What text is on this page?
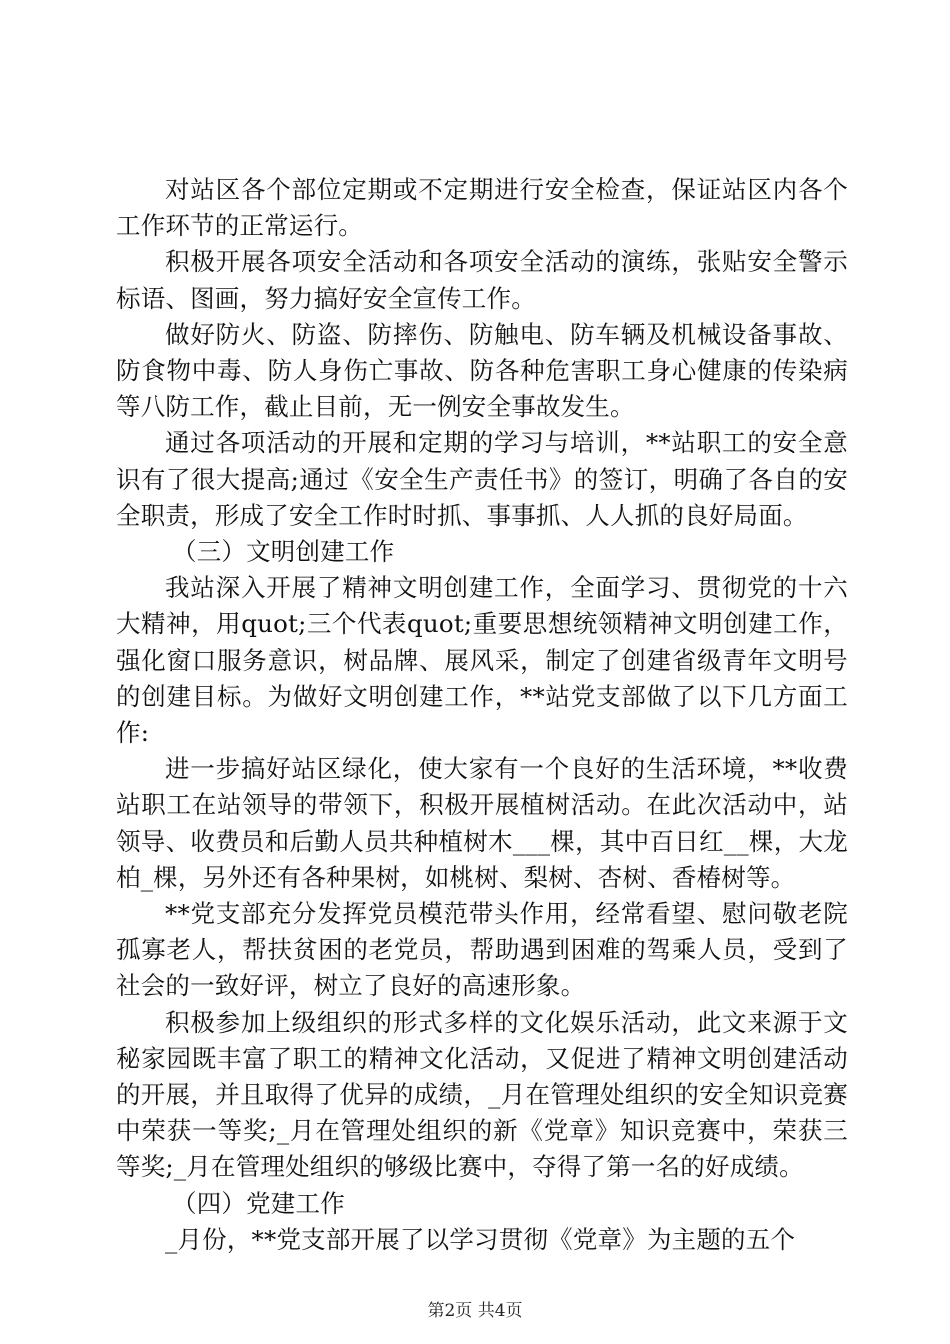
对站区各个部位定期或不定期进行安全检查，保证站区内各个工作环节的正常运行。

积极开展各项安全活动和各项安全活动的演练，张贴安全警示标语、图画，努力搞好安全宣传工作。

做好防火、防盗、防摔伤、防触电、防车辆及机械设备事故、防食物中毒、防人身伤亡事故、防各种危害职工身心健康的传染病等八防工作，截止目前，无一例安全事故发生。

通过各项活动的开展和定期的学习与培训，**站职工的安全意识有了很大提高;通过《安全生产责任书》的签订，明确了各自的安全职责，形成了安全工作时时抓、事事抓、人人抓的良好局面。

（三）文明创建工作

我站深入开展了精神文明创建工作，全面学习、贯彻党的十六大精神，用quot;三个代表quot;重要思想统领精神文明创建工作，强化窗口服务意识，树品牌、展风采，制定了创建省级青年文明号的创建目标。为做好文明创建工作，**站党支部做了以下几方面工作:

进一步搞好站区绿化，使大家有一个良好的生活环境，**收费站职工在站领导的带领下，积极开展植树活动。在此次活动中，站领导、收费员和后勤人员共种植树木___棵，其中百日红__棵，大龙柏_棵，另外还有各种果树，如桃树、梨树、杏树、香椿树等。

**党支部充分发挥党员模范带头作用，经常看望、慰问敬老院孤寡老人，帮扶贫困的老党员，帮助遇到困难的驾乘人员，受到了社会的一致好评，树立了良好的高速形象。

积极参加上级组织的形式多样的文化娱乐活动，此文来源于文秘家园既丰富了职工的精神文化活动，又促进了精神文明创建活动的开展，并且取得了优异的成绩，_月在管理处组织的安全知识竞赛中荣获一等奖;_月在管理处组织的新《党章》知识竞赛中，荣获三等奖;_月在管理处组织的够级比赛中，夺得了第一名的好成绩。

（四）党建工作

_月份，**党支部开展了以学习贯彻《党章》为主题的五个

第2页 共4页
